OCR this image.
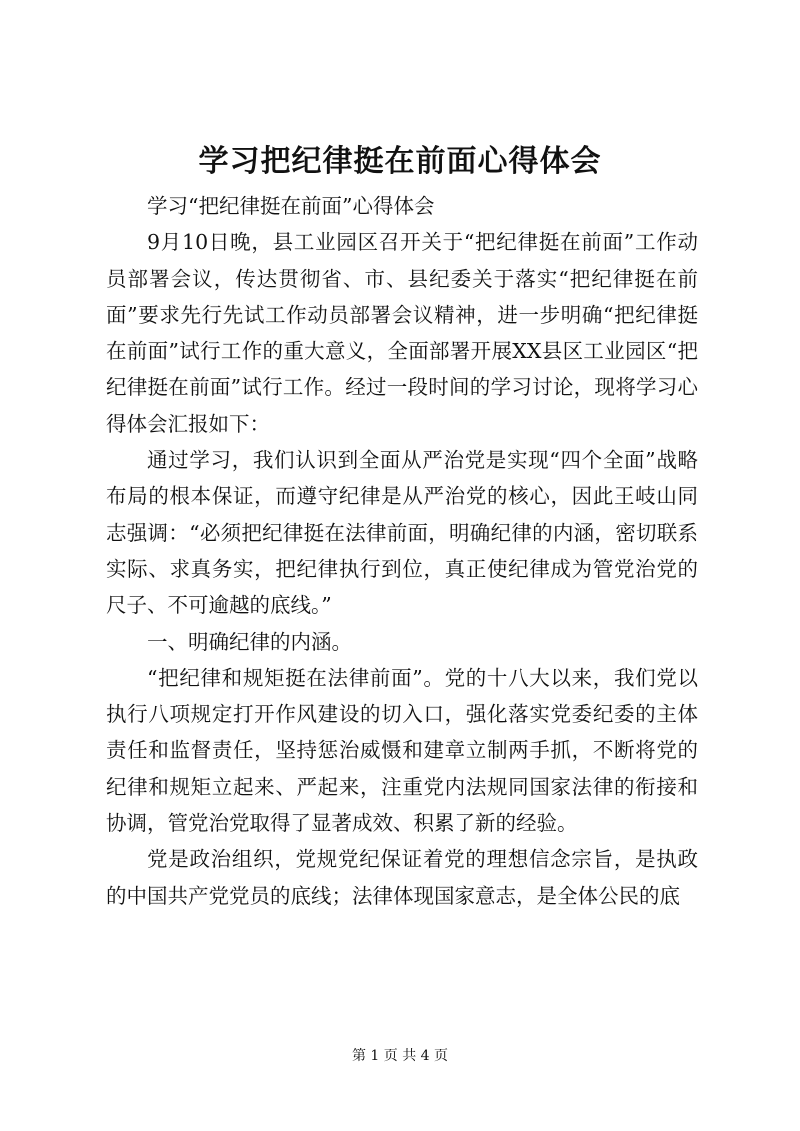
学习把纪律挺在前面心得体会

学习“把纪律挺在前面”心得体会

9月10日晚，县工业园区召开关于“把纪律挺在前面”工作动员部署会议，传达贯彻省、市、县纪委关于落实“把纪律挺在前面”要求先行先试工作动员部署会议精神，进一步明确“把纪律挺在前面”试行工作的重大意义，全面部署开展XX县区工业园区“把纪律挺在前面”试行工作。经过一段时间的学习讨论，现将学习心得体会汇报如下：

通过学习，我们认识到全面从严治党是实现“四个全面”战略布局的根本保证，而遵守纪律是从严治党的核心，因此王岐山同志强调：“必须把纪律挺在法律前面，明确纪律的内涵，密切联系实际、求真务实，把纪律执行到位，真正使纪律成为管党治党的尺子、不可逾越的底线。”

一、明确纪律的内涵。

“把纪律和规矩挺在法律前面”。党的十八大以来，我们党以执行八项规定打开作风建设的切入口，强化落实党委纪委的主体责任和监督责任，坚持惩治威慑和建章立制两手抓，不断将党的纪律和规矩立起来、严起来，注重党内法规同国家法律的衔接和协调，管党治党取得了显著成效、积累了新的经验。

党是政治组织，党规党纪保证着党的理想信念宗旨，是执政的中国共产党党员的底线；法律体现国家意志，是全体公民的底

第 1 页 共 4 页
